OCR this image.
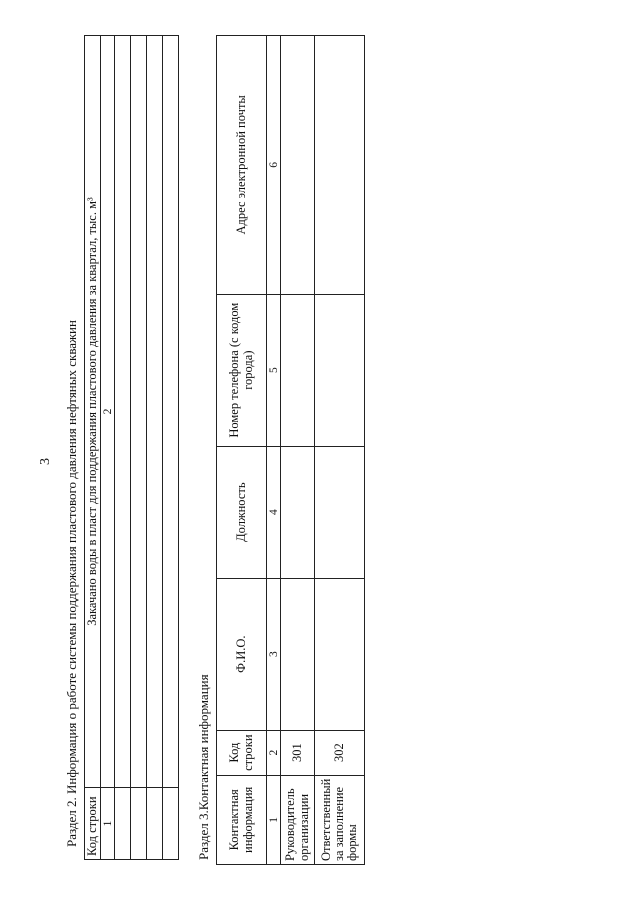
3 Раздел 2. Информация о работе системы поддержания пластового давления нефтяных скважин Код строки	Закачано воды в пласт для поддержания пластового давления за квартал, тыс. м³
1	2

Раздел 3.Контактная информация Контактная информация	Код строки	Ф.И.О.	Должность	Номер телефона (с кодом города)	Адрес электронной почты
1	2	3	4	5	6
Руководитель организации	301				
Ответственный за заполнение формы	302				
